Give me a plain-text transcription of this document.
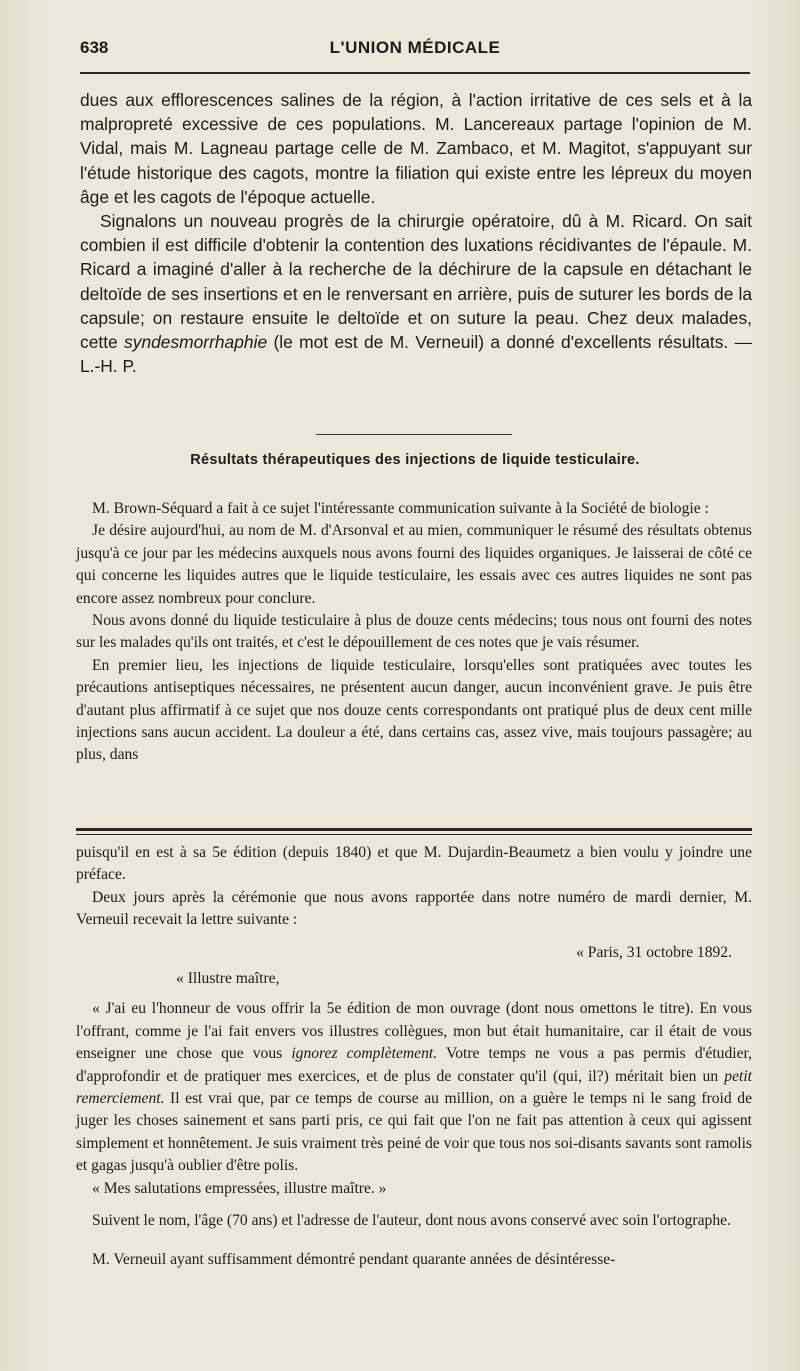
638	L'UNION MÉDICALE

dues aux efflorescences salines de la région, à l'action irritative de ces sels et à la malpropreté excessive de ces populations. M. Lancereaux partage l'opinion de M. Vidal, mais M. Lagneau partage celle de M. Zambaco, et M. Magitot, s'appuyant sur l'étude historique des cagots, montre la filiation qui existe entre les lépreux du moyen âge et les cagots de l'époque actuelle.

Signalons un nouveau progrès de la chirurgie opératoire, dû à M. Ricard. On sait combien il est difficile d'obtenir la contention des luxations récidivantes de l'épaule. M. Ricard a imaginé d'aller à la recherche de la déchirure de la capsule en détachant le deltoïde de ses insertions et en le renversant en arrière, puis de suturer les bords de la capsule; on restaure ensuite le deltoïde et on suture la peau. Chez deux malades, cette syndesmorrhaphie (le mot est de M. Verneuil) a donné d'excellents résultats. — L.-H. P.

Résultats thérapeutiques des injections de liquide testiculaire.

M. Brown-Séquard a fait à ce sujet l'intéressante communication suivante à la Société de biologie :

Je désire aujourd'hui, au nom de M. d'Arsonval et au mien, communiquer le résumé des résultats obtenus jusqu'à ce jour par les médecins auxquels nous avons fourni des liquides organiques. Je laisserai de côté ce qui concerne les liquides autres que le liquide testiculaire, les essais avec ces autres liquides ne sont pas encore assez nombreux pour conclure.

Nous avons donné du liquide testiculaire à plus de douze cents médecins; tous nous ont fourni des notes sur les malades qu'ils ont traités, et c'est le dépouillement de ces notes que je vais résumer.

En premier lieu, les injections de liquide testiculaire, lorsqu'elles sont pratiquées avec toutes les précautions antiseptiques nécessaires, ne présentent aucun danger, aucun inconvénient grave. Je puis être d'autant plus affirmatif à ce sujet que nos douze cents correspondants ont pratiqué plus de deux cent mille injections sans aucun accident. La douleur a été, dans certains cas, assez vive, mais toujours passagère; au plus, dans

puisqu'il en est à sa 5e édition (depuis 1840) et que M. Dujardin-Beaumetz a bien voulu y joindre une préface.

Deux jours après la cérémonie que nous avons rapportée dans notre numéro de mardi dernier, M. Verneuil recevait la lettre suivante :

« Paris, 31 octobre 1892.

« Illustre maître,

« J'ai eu l'honneur de vous offrir la 5e édition de mon ouvrage (dont nous omettons le titre). En vous l'offrant, comme je l'ai fait envers vos illustres collègues, mon but était humanitaire, car il était de vous enseigner une chose que vous ignorez complètement. Votre temps ne vous a pas permis d'étudier, d'approfondir et de pratiquer mes exercices, et de plus de constater qu'il (qui, il?) méritait bien un petit remerciement. Il est vrai que, par ce temps de course au million, on a guère le temps ni le sang froid de juger les choses sainement et sans parti pris, ce qui fait que l'on ne fait pas attention à ceux qui agissent simplement et honnêtement. Je suis vraiment très peiné de voir que tous nos soi-disants savants sont ramolis et gagas jusqu'à oublier d'être polis.

« Mes salutations empressées, illustre maître. »

Suivent le nom, l'âge (70 ans) et l'adresse de l'auteur, dont nous avons conservé avec soin l'ortographe.

M. Verneuil ayant suffisamment démontré pendant quarante années de désintéresse-
